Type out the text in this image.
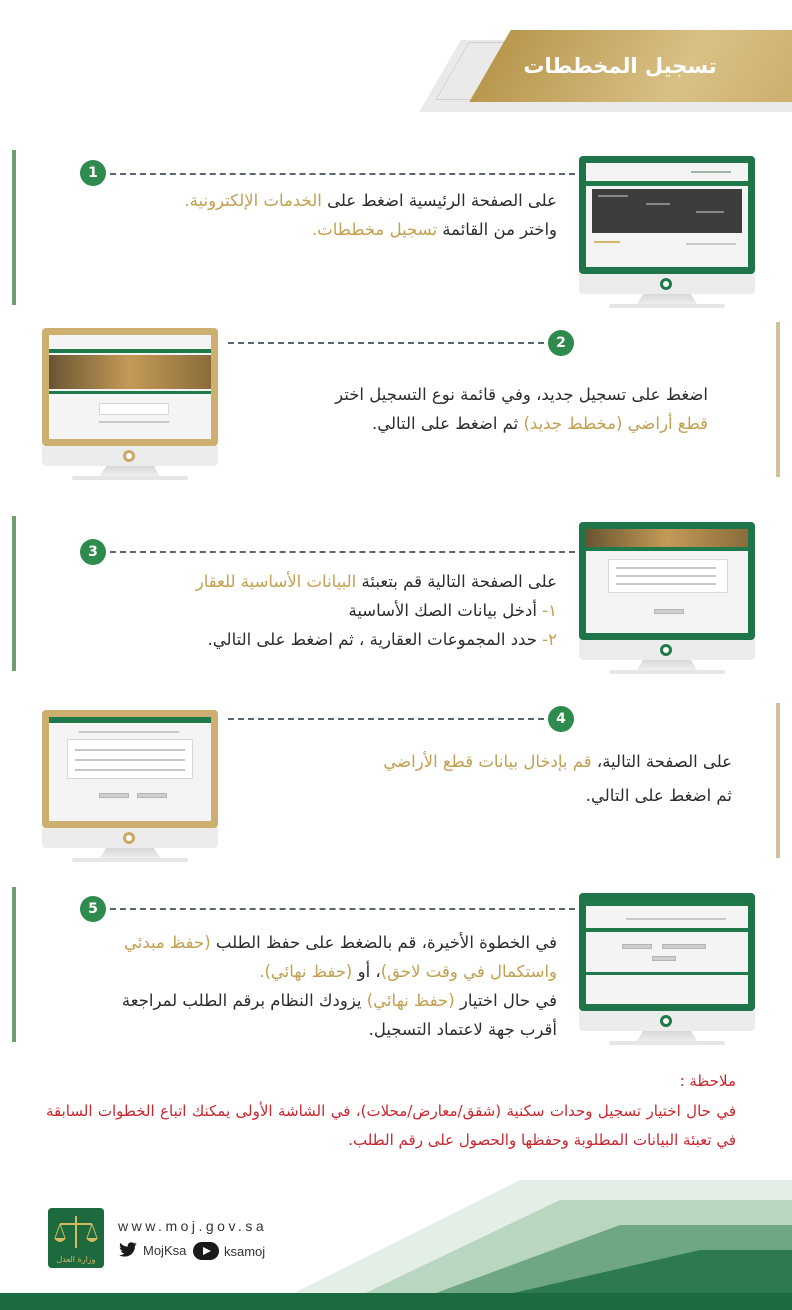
تسجيل المخططات
1
على الصفحة الرئيسية اضغط على الخدمات الإلكترونية.
واختر من القائمة تسجيل مخططات.
2
اضغط على تسجيل جديد، وفي قائمة نوع التسجيل اختر
قطع أراضي (مخطط جديد) ثم اضغط على التالي.
3
على الصفحة التالية قم بتعبئة البيانات الأساسية للعقار
١- أدخل بيانات الصك الأساسية
٢- حدد المجموعات العقارية ، ثم اضغط على التالي.
4
على الصفحة التالية، قم بإدخال بيانات قطع الأراضي
ثم اضغط على التالي.
5
في الخطوة الأخيرة، قم بالضغط على حفظ الطلب (حفظ مبدئي
واستكمال في وقت لاحق)، أو (حفظ نهائي).
في حال اختيار (حفظ نهائي) يزودك النظام برقم الطلب لمراجعة
أقرب جهة لاعتماد التسجيل.
ملاحظة :
في حال اختيار تسجيل وحدات سكنية (شقق/معارض/محلات)، في الشاشة الأولى يمكنك اتباع الخطوات السابقة في تعبئة البيانات المطلوبة وحفظها والحصول على رقم الطلب.
وزارة العدل
www.moj.gov.sa
MojKsa	ksamoj
